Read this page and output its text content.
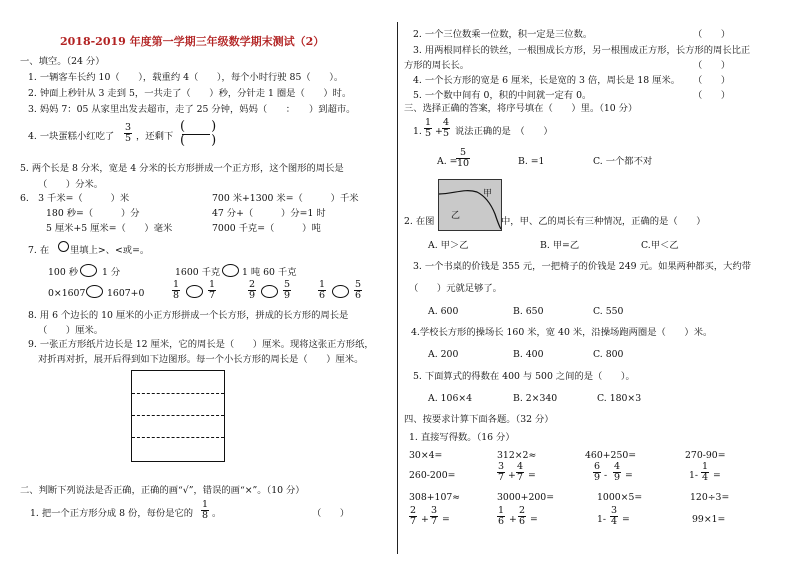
2018-2019 年度第一学期三年级数学期末测试（2）
一、填空。（24 分）
1. 一辆客车长约 10（　　），载重约 4（　　），每个小时行驶 85（　　）。
2. 钟面上秒针从 3 走到 5，一共走了（　　）秒，分针走 1 圈是（　　）时。
3. 妈妈 7：05 从家里出发去超市，走了 25 分钟，妈妈（　　：　　）到超市。
4. 一块蛋糕小红吃了 $\frac{3}{5}$ ，还剩下
(　　)
(　　)
5. 两个长是 8 分米，宽是 4 分米的长方形拼成一个正方形，这个图形的周长是
（　　）分米。
6.　3 千米=（　　　）米	700 米+1300 米=（　　　）千米
180 秒=（　　　）分	47 分+（　　　）分=1 时
5 厘米+5 厘米=（　　）毫米	7000 千克=（　　　）吨
7. 在 里填上>、<或=。
100 秒	1 分	1600 千克 1 吨 60 千克
0×1607 1607+0	$\frac{1}{8}$	$\frac{1}{7}$	$\frac{2}{9}$	$\frac{5}{9}$	$\frac{1}{6}$	$\frac{5}{6}$
8. 用 6 个边长的 10 厘米的小正方形拼成一个长方形，拼成的长方形的周长是
（　　）厘米。
9. 一张正方形纸片边长是 12 厘米，它的周长是（　　）厘米。现将这张正方形纸，
对折再对折，展开后得到如下边图形。每一个小长方形的周长是（　　）厘米。
二、判断下列说法是否正确，正确的画“√”，错误的画“×”。（10 分）
1. 把一个正方形分成 8 份，每份是它的 $\frac{1}{8}$ 。	（　　）
2. 一个三位数乘一位数，积一定是三位数。	（　　）
3. 用两根同样长的铁丝，一根围成长方形，另一根围成正方形，长方形的周长比正
方形的周长长。	（　　）
4. 一个长方形的宽是 6 厘米，长是宽的 3 倍，周长是 18 厘米。 （　　）
5. 一个数中间有 0，积的中间就一定有 0。	（　　）
三、选择正确的答案，将序号填在（　　）里。（10 分）
1. $\frac{1}{5} + \frac{4}{5}$ 说法正确的是　（　　）
A. =
$\frac{5}{10}$	B. =1	C. 一个都不对
甲
乙
2. 在图	中，甲、乙的周长有三种情况，正确的是（　　）
A. 甲＞乙	B. 甲=乙	C.甲＜乙
3. 一个书桌的价钱是 355 元，一把椅子的价钱是 249 元。如果两种都买，大约带
（　　）元就足够了。
A. 600	B. 650	C. 550
4.学校长方形的操场长 160 米，宽 40 米，沿操场跑两圈是（　　）米。
A. 200	B. 400	C. 800
5. 下面算式的得数在 400 与 500 之间的是（　　）。
A. 106×4	B. 2×340	C. 180×3
四、按要求计算下面各题。（32 分）
1. 直接写得数。（16 分）
30×4=	312×2≈	460+250=	270-90=
260-200=	$\frac{3}{7} + \frac{4}{7}$ =	$\frac{6}{9} - \frac{4}{9}$ =	$1- \frac{1}{4}$ =
308+107≈	3000+200=	1000×5=	120÷3=
$\frac{2}{7} + \frac{3}{7}$ =	$\frac{1}{6} + \frac{2}{6}$ =	$1- \frac{3}{4}$ =	99×1=
